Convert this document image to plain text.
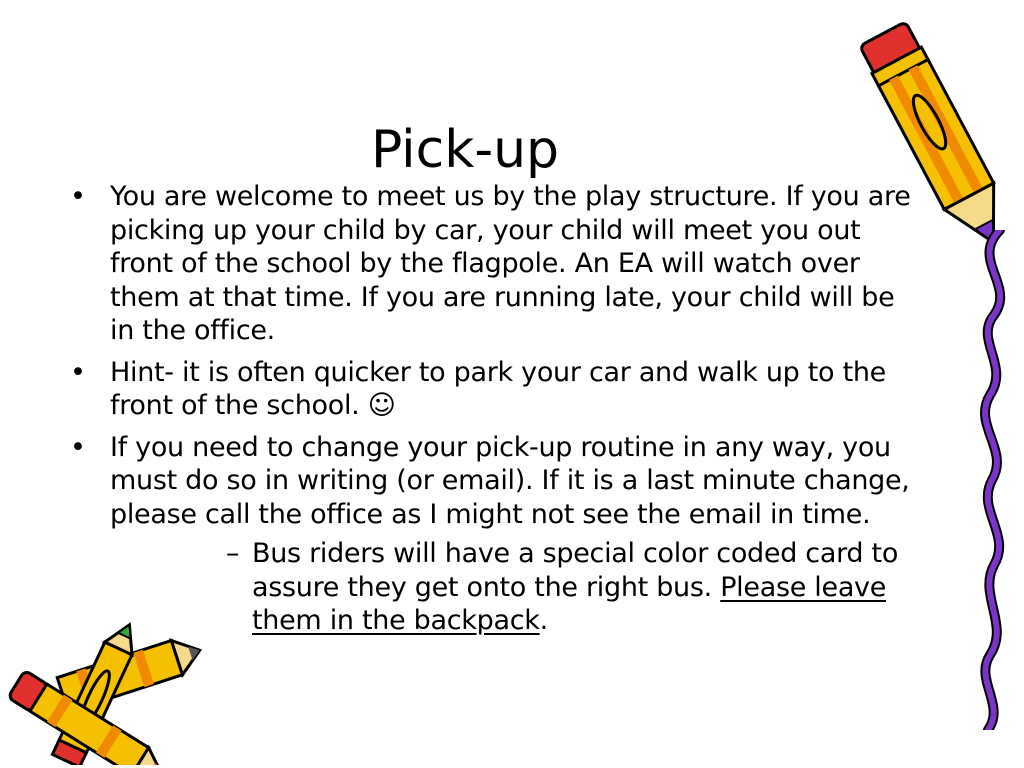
Pick-up
• You are welcome to meet us by the play structure. If you are picking up your child by car, your child will meet you out front of the school by the flagpole. An EA will watch over them at that time. If you are running late, your child will be in the office.
• Hint- it is often quicker to park your car and walk up to the front of the school. ☺
• If you need to change your pick-up routine in any way, you must do so in writing (or email). If it is a last minute change, please call the office as I might not see the email in time.
– Bus riders will have a special color coded card to assure they get onto the right bus. Please leave them in the backpack.
